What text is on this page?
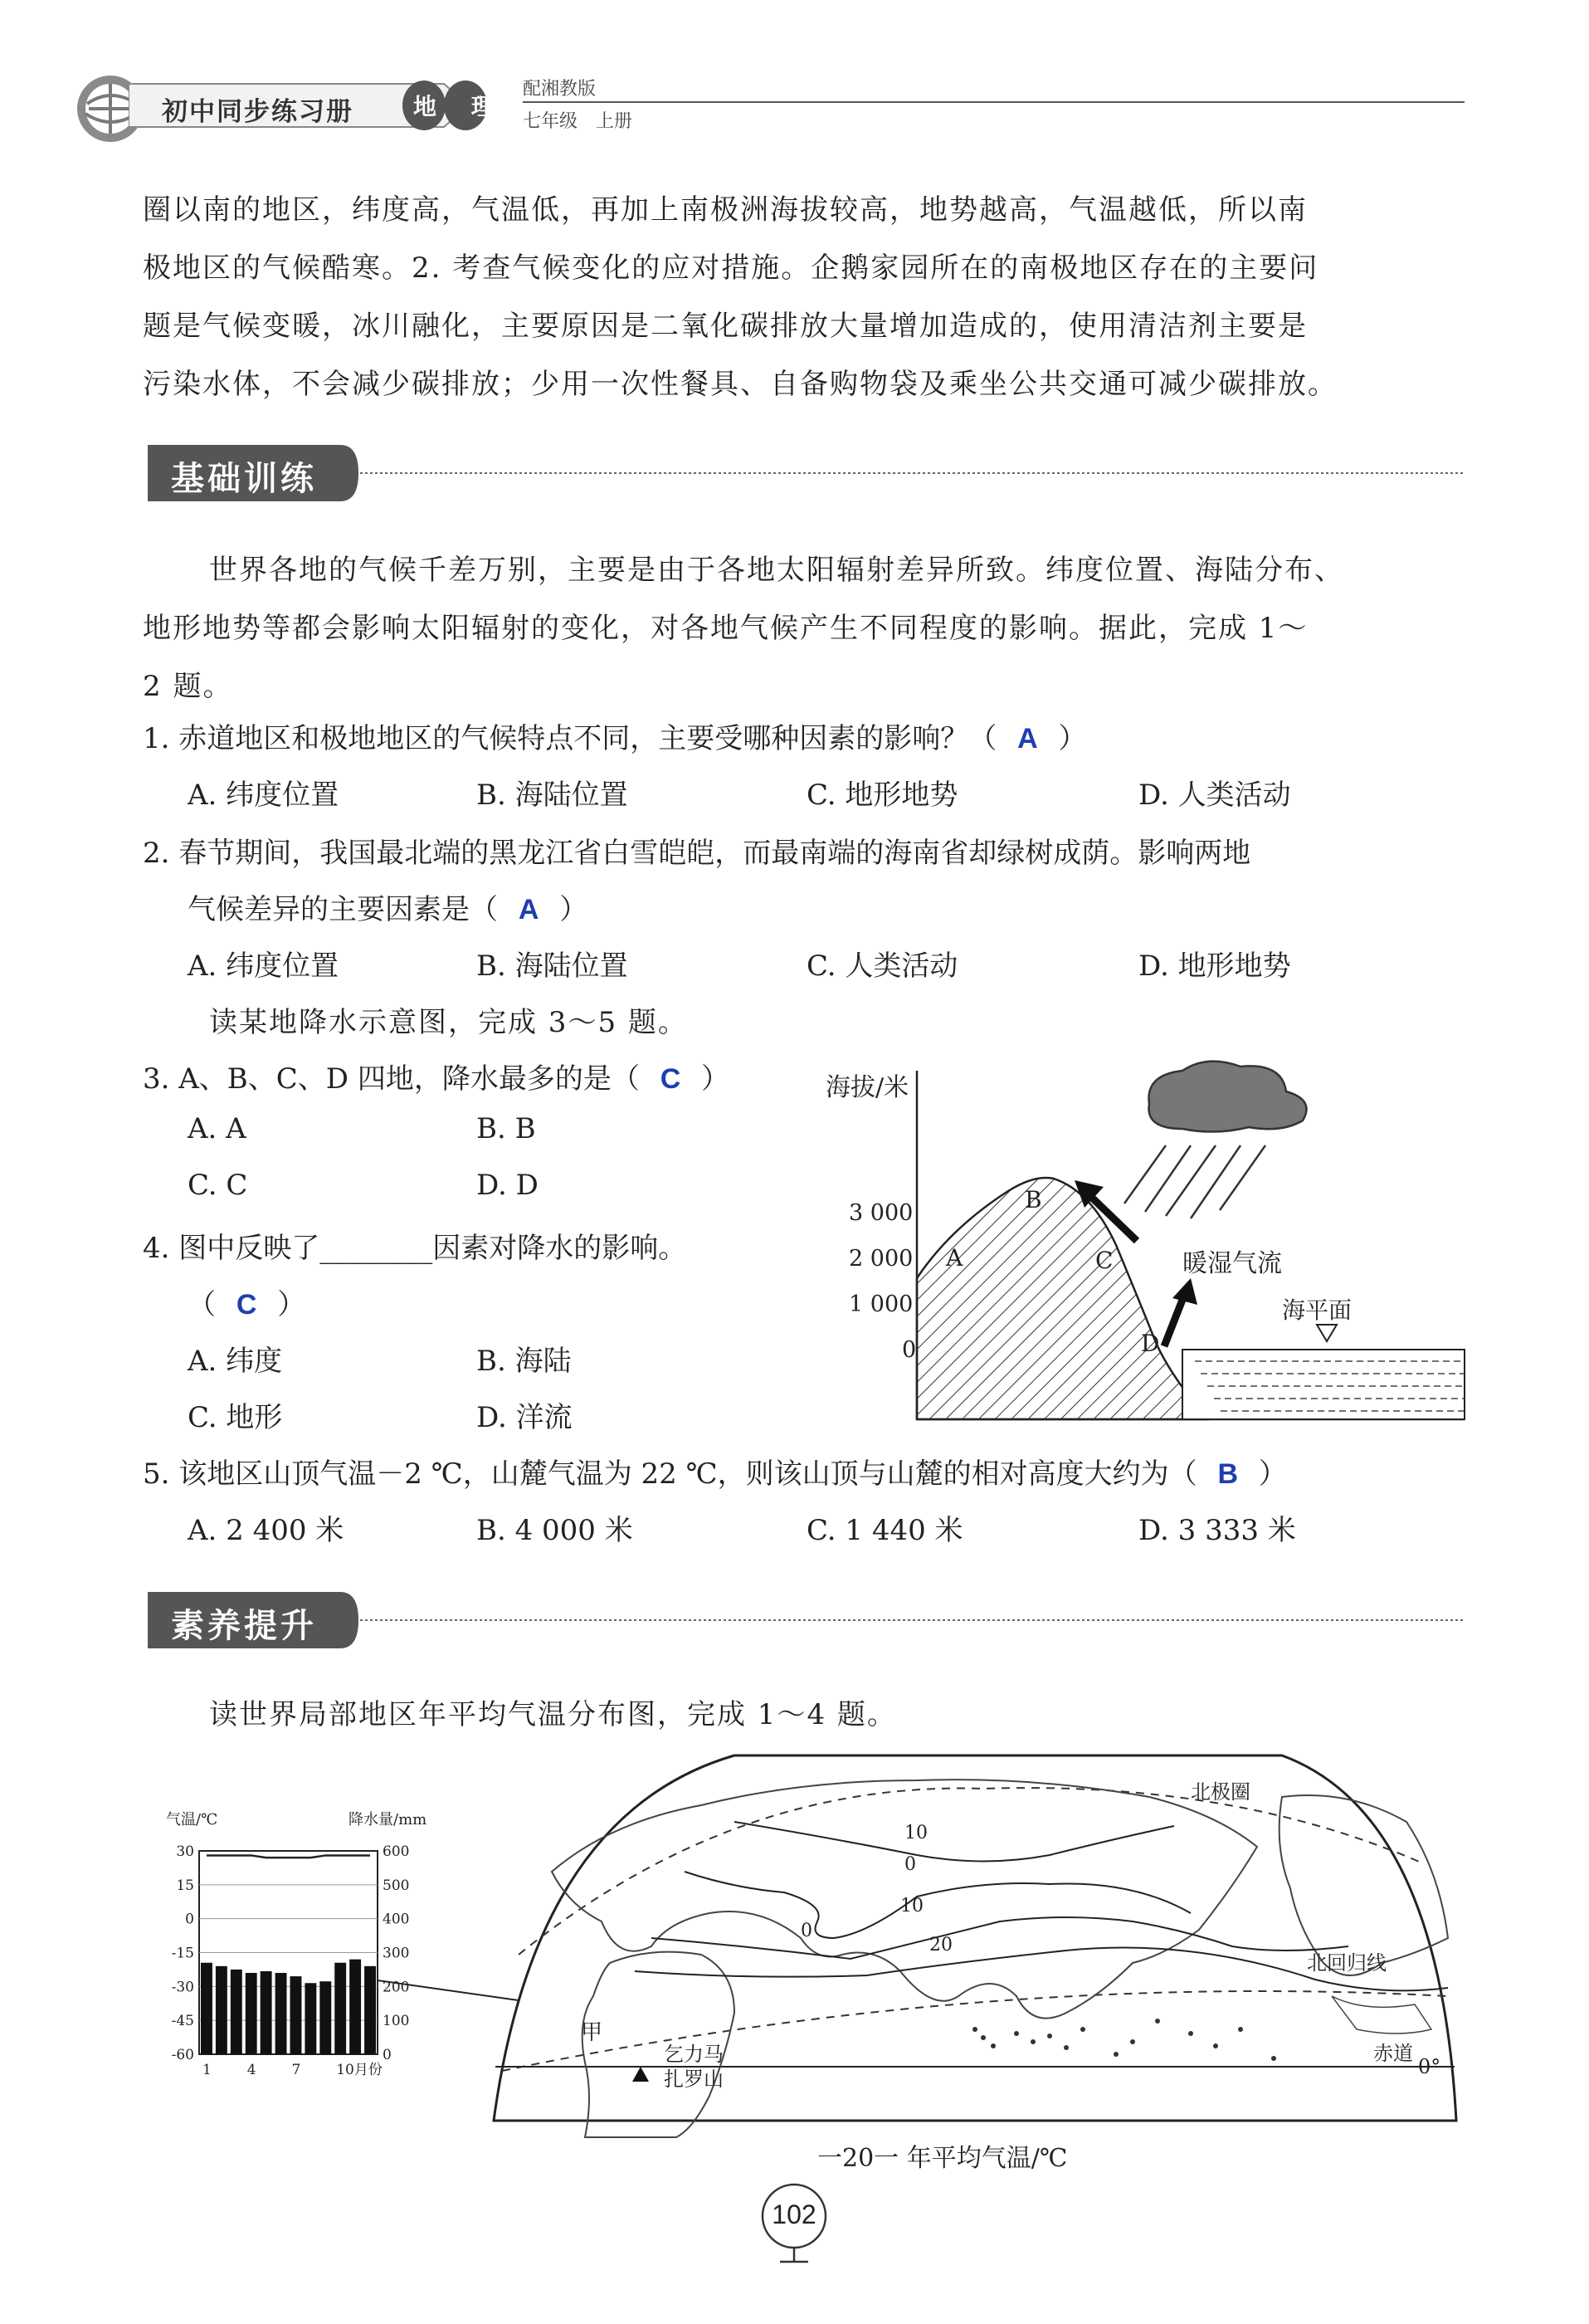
初中同步练习册	地 理
配湘教版
七年级　上册
圈以南的地区，纬度高，气温低，再加上南极洲海拔较高，地势越高，气温越低，所以南
极地区的气候酷寒。2. 考查气候变化的应对措施。企鹅家园所在的南极地区存在的主要问
题是气候变暖，冰川融化，主要原因是二氧化碳排放大量增加造成的，使用清洁剂主要是
污染水体，不会减少碳排放；少用一次性餐具、自备购物袋及乘坐公共交通可减少碳排放。
基础训练
世界各地的气候千差万别，主要是由于各地太阳辐射差异所致。纬度位置、海陆分布、
地形地势等都会影响太阳辐射的变化，对各地气候产生不同程度的影响。据此，完成 1～
2 题。
1. 赤道地区和极地地区的气候特点不同，主要受哪种因素的影响？（ A ）
A. 纬度位置	B. 海陆位置	C. 地形地势	D. 人类活动
2. 春节期间，我国最北端的黑龙江省白雪皑皑，而最南端的海南省却绿树成荫。影响两地
气候差异的主要因素是（ A ）
A. 纬度位置	B. 海陆位置	C. 人类活动	D. 地形地势
读某地降水示意图，完成 3～5 题。
3. A、B、C、D 四地，降水最多的是（ C ）
A. A	B. B
C. C	D. D
4. 图中反映了________因素对降水的影响。
（ C ）
A. 纬度	B. 海陆
C. 地形	D. 洋流
5. 该地区山顶气温－2 ℃，山麓气温为 22 ℃，则该山顶与山麓的相对高度大约为（ B ）
A. 2 400 米	B. 4 000 米	C. 1 440 米	D. 3 333 米
海拔/米
3 000
2 000
1 000
0
海平面
A
B
C
D
暖湿气流
素养提升
读世界局部地区年平均气温分布图，完成 1～4 题。
气温/℃	降水量/mm
30
15
0
-15
-30
-45
-60
600
500
400
300
200
100
0
1	4	7	10月份
北极圈
北回归线
赤道
0°
甲
乞力马扎罗山
10
0
10
20
0
一20一 年平均气温/℃
102
